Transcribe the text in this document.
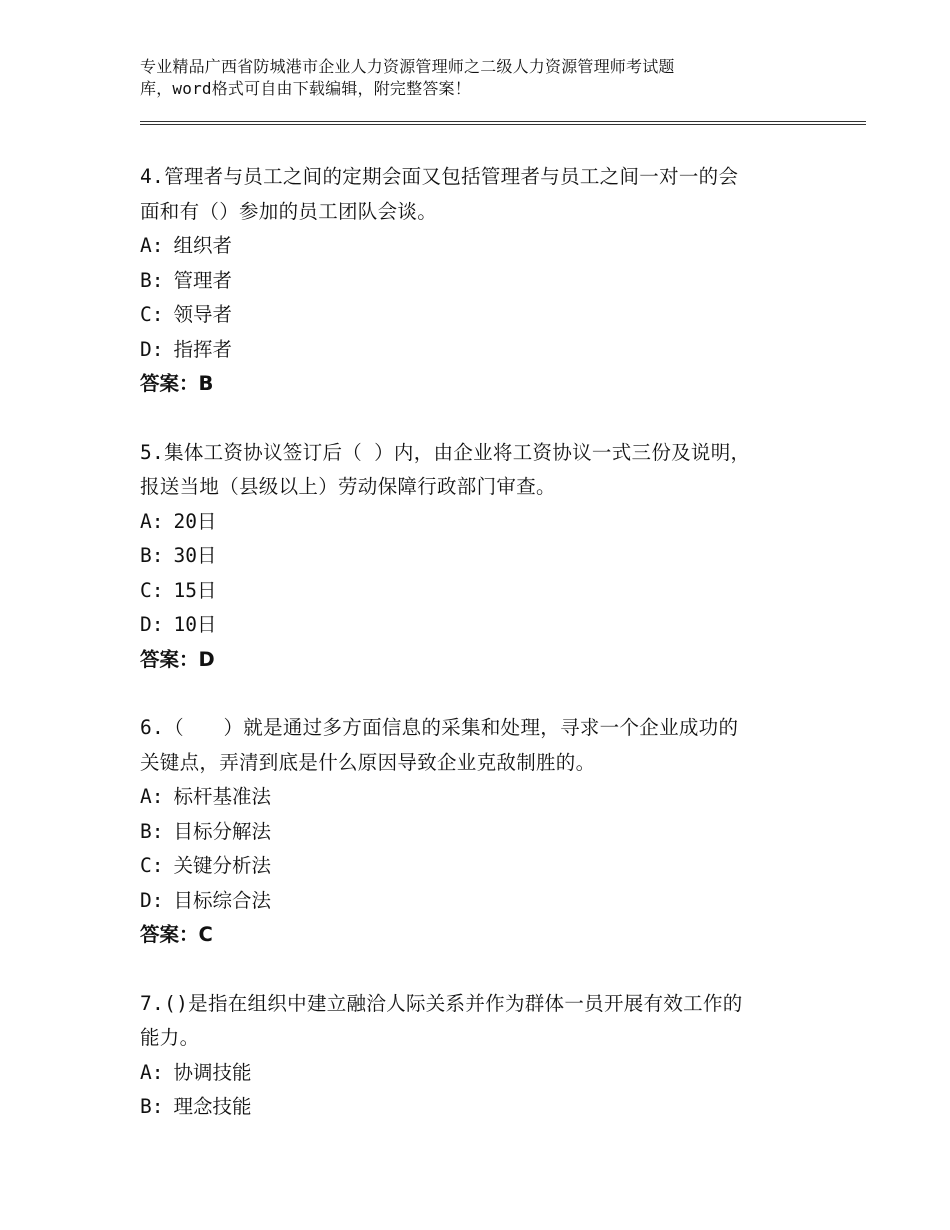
专业精品广西省防城港市企业人力资源管理师之二级人力资源管理师考试题
库，word格式可自由下载编辑，附完整答案！
4.管理者与员工之间的定期会面又包括管理者与员工之间一对一的会
面和有（）参加的员工团队会谈。
A: 组织者
B: 管理者
C: 领导者
D: 指挥者
答案：B
5.集体工资协议签订后（ ）内，由企业将工资协议一式三份及说明，
报送当地（县级以上）劳动保障行政部门审查。
A: 20日
B: 30日
C: 15日
D: 10日
答案：D
6.（　　）就是通过多方面信息的采集和处理，寻求一个企业成功的
关键点，弄清到底是什么原因导致企业克敌制胜的。
A: 标杆基准法
B: 目标分解法
C: 关键分析法
D: 目标综合法
答案：C
7.()是指在组织中建立融洽人际关系并作为群体一员开展有效工作的
能力。
A: 协调技能
B: 理念技能
